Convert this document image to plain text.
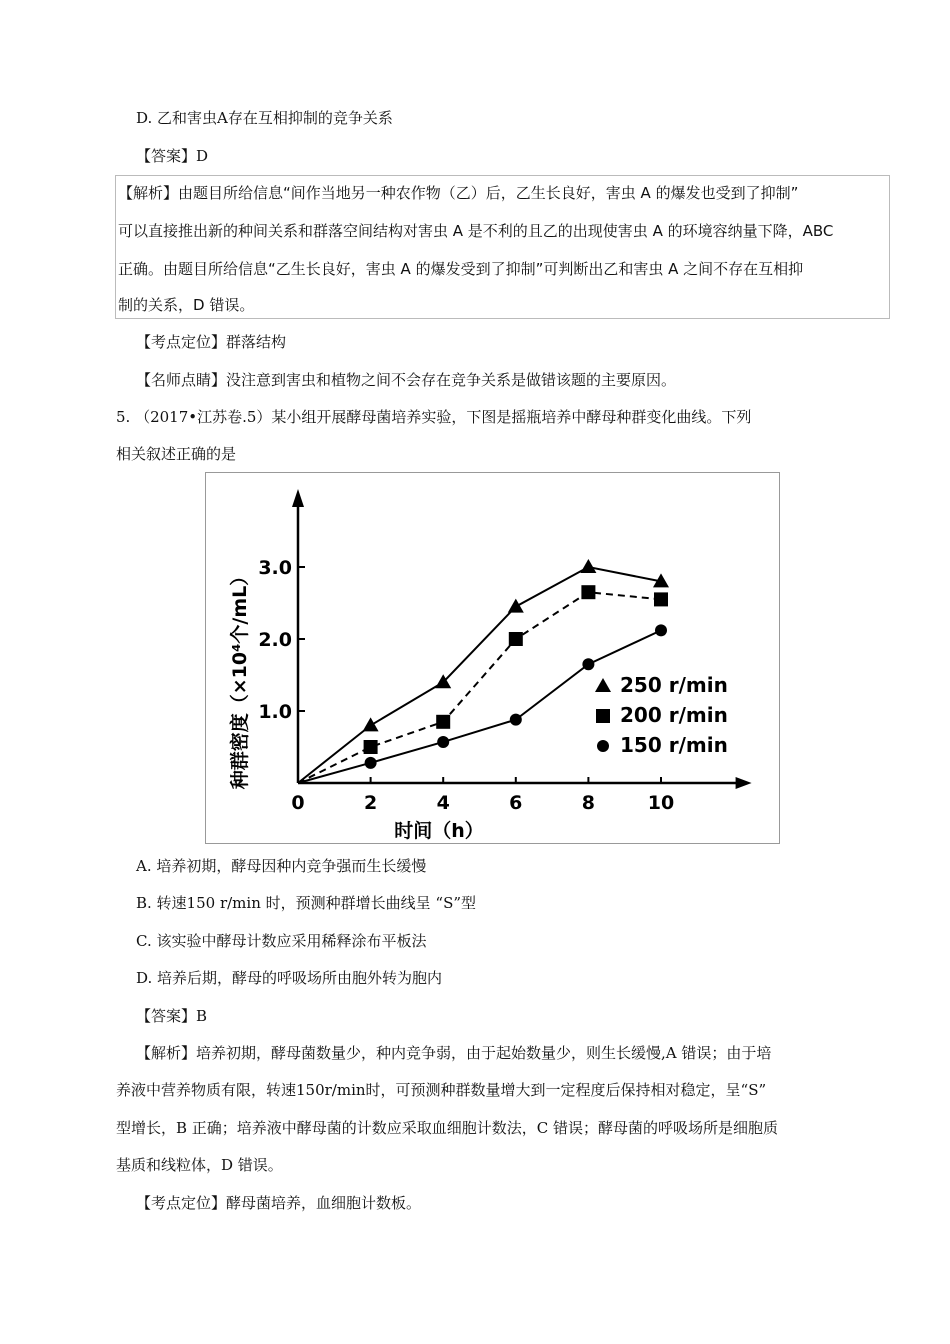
D. 乙和害虫A存在互相抑制的竞争关系
【答案】D
【解析】由题目所给信息“间作当地另一种农作物（乙）后，乙生长良好，害虫 A 的爆发也受到了抑制”
可以直接推出新的种间关系和群落空间结构对害虫 A 是不利的且乙的出现使害虫 A 的环境容纳量下降，ABC
正确。由题目所给信息“乙生长良好，害虫 A 的爆发受到了抑制”可判断出乙和害虫 A 之间不存在互相抑
制的关系，D 错误。
【考点定位】群落结构
【名师点睛】没注意到害虫和植物之间不会存在竞争关系是做错该题的主要原因。
5. （2017•江苏卷.5）某小组开展酵母菌培养实验，下图是摇瓶培养中酵母种群变化曲线。下列
相关叙述正确的是
0	2	4	6	8	10
1.0
2.0
3.0
250 r/min
200 r/min
150 r/min
种群密度（×10⁴个/mL）
时间（h）
A. 培养初期，酵母因种内竞争强而生长缓慢
B. 转速150 r/min 时，预测种群增长曲线呈 “S”型
C. 该实验中酵母计数应采用稀释涂布平板法
D. 培养后期，酵母的呼吸场所由胞外转为胞内
【答案】B
【解析】培养初期，酵母菌数量少，种内竞争弱，由于起始数量少，则生长缓慢,A 错误；由于培
养液中营养物质有限，转速150r/min时，可预测种群数量增大到一定程度后保持相对稳定，呈“S”
型增长，B 正确；培养液中酵母菌的计数应采取血细胞计数法，C 错误；酵母菌的呼吸场所是细胞质
基质和线粒体，D 错误。
【考点定位】酵母菌培养，血细胞计数板。
